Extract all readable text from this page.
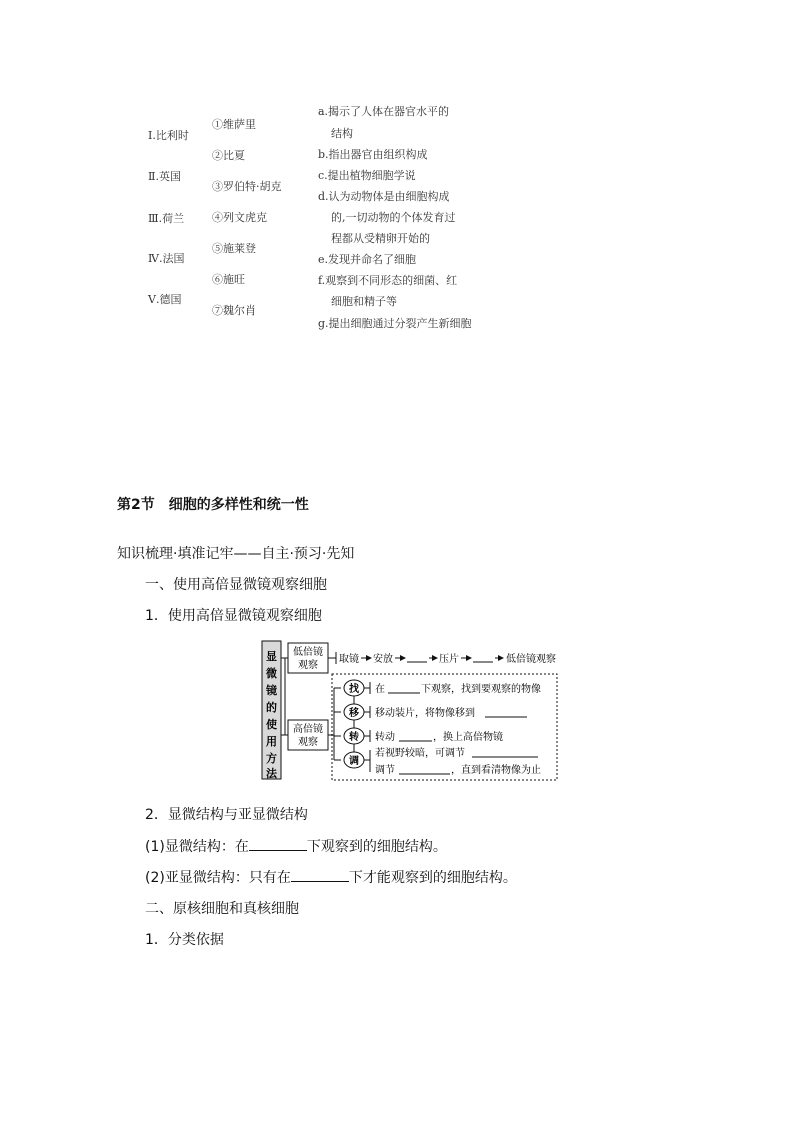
Ⅰ.比利时
Ⅱ.英国
Ⅲ.荷兰
Ⅳ.法国
Ⅴ.德国
①维萨里
②比夏
③罗伯特·胡克
④列文虎克
⑤施莱登
⑥施旺
⑦魏尔肖
a.揭示了人体在器官水平的
结构
b.指出器官由组织构成
c.提出植物细胞学说
d.认为动物体是由细胞构成
的,一切动物的个体发育过
程都从受精卵开始的
e.发现并命名了细胞
f.观察到不同形态的细菌、红
细胞和精子等
g.提出细胞通过分裂产生新细胞
第2节　细胞的多样性和统一性
知识梳理·填准记牢——自主·预习·先知
一、使用高倍显微镜观察细胞
1．使用高倍显微镜观察细胞
显
微
镜
的
使
用
方
法
低倍镜
观察
取镜 安放	压片	低倍镜观察
高倍镜
观察
找
移
转
调
在	下观察，找到要观察的物像
移动装片，将物像移到
转动	，换上高倍物镜
若视野较暗，可调节
调节	，直到看清物像为止
2．显微结构与亚显微结构
(1)显微结构：在	下观察到的细胞结构。
(2)亚显微结构：只有在	下才能观察到的细胞结构。
二、原核细胞和真核细胞
1．分类依据
